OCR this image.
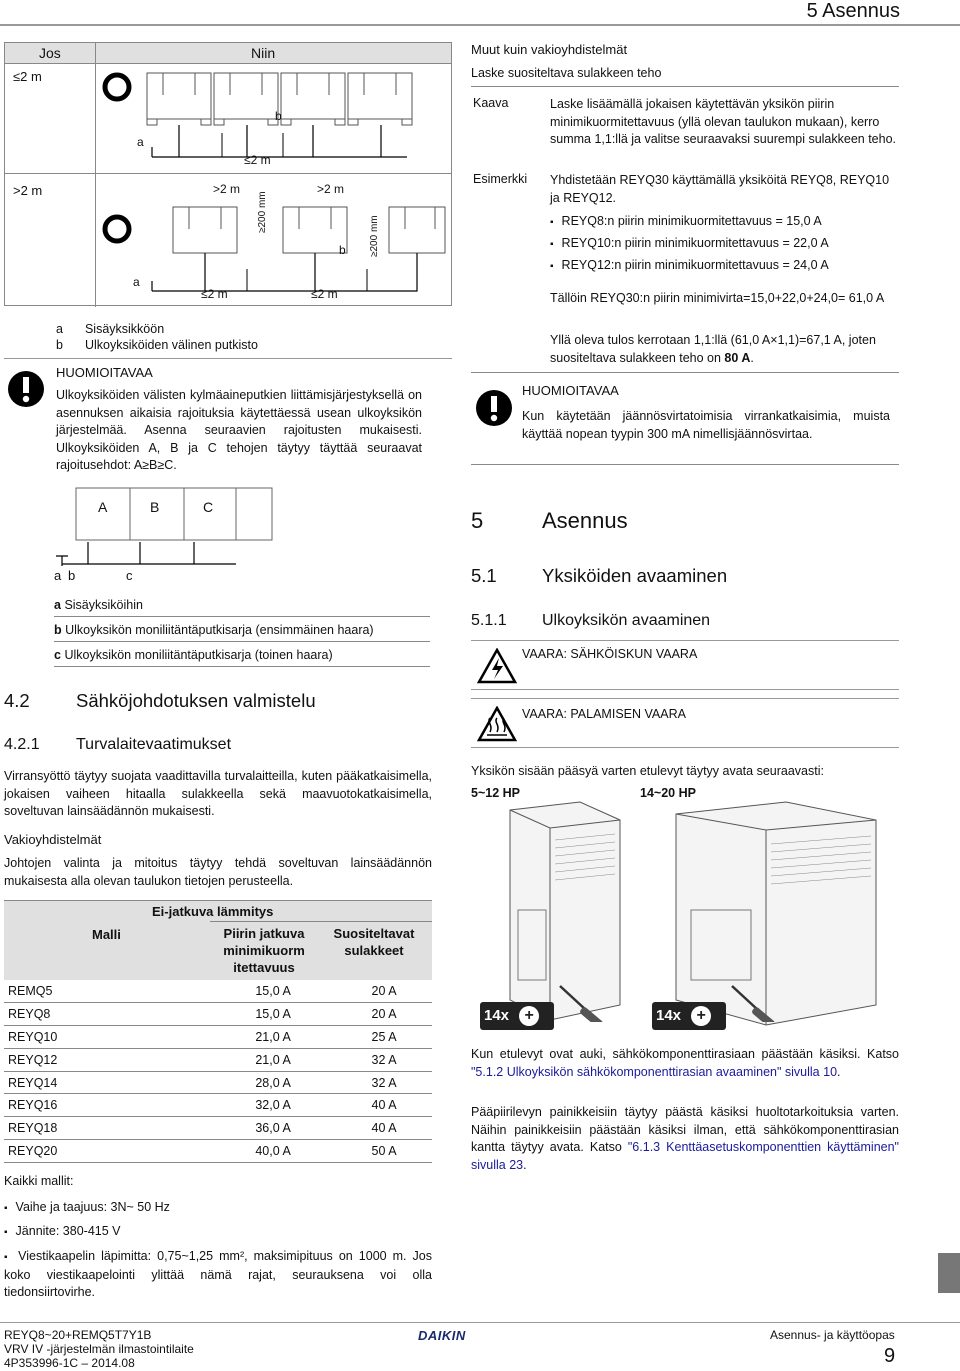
5 Asennus
Jos	Niin
≤2 m
>2 m
a
b
≤2 m
>2 m	>2 m
a
b
≤2 m	≤2 m
≥200 mm
≥200 mm
a Sisäyksikköön
b Ulkoyksiköiden välinen putkisto
HUOMIOITAVAA
Ulkoyksiköiden välisten kylmäaineputkien liittämisjärjestyksellä on asennuksen aikaisia rajoituksia käytettäessä usean ulkoyksikön järjestelmää. Asenna seuraavien rajoitusten mukaisesti. Ulkoyksiköiden A, B ja C tehojen täytyy täyttää seuraavat rajoitusehdot: A≥B≥C.
A	B	C
a b	c
a Sisäyksiköihin
b Ulkoyksikön moniliitäntäputkisarja (ensimmäinen haara)
c Ulkoyksikön moniliitäntäputkisarja (toinen haara)
4.2	Sähköjohdotuksen valmistelu
4.2.1 Turvalaitevaatimukset
Virransyöttö täytyy suojata vaadittavilla turvalaitteilla, kuten pääkatkaisimella, jokaisen vaiheen hitaalla sulakkeella sekä maavuotokatkaisimella, soveltuvan lainsäädännön mukaisesti.
Vakioyhdistelmät
Johtojen valinta ja mitoitus täytyy tehdä soveltuvan lainsäädännön mukaisesta alla olevan taulukon tietojen perusteella.
Ei-jatkuva lämmitys
Malli	Piirin jatkuva minimikuorm itettavuus
Suositeltavat sulakkeet
REMQ5	15,0 A	20 A
REYQ8	15,0 A	20 A
REYQ10	21,0 A	25 A
REYQ12	21,0 A	32 A
REYQ14	28,0 A	32 A
REYQ16	32,0 A	40 A
REYQ18	36,0 A	40 A
REYQ20	40,0 A	50 A
Kaikki mallit:
▪ Vaihe ja taajuus: 3N~ 50 Hz
▪ Jännite: 380-415 V
▪ Viestikaapelin läpimitta: 0,75~1,25 mm², maksimipituus on 1000 m. Jos koko viestikaapelointi ylittää nämä rajat, seurauksena voi olla tiedonsiirtovirhe.
Muut kuin vakioyhdistelmät
Laske suositeltava sulakkeen teho
Kaava	Laske lisäämällä jokaisen käytettävän yksikön piirin minimikuormitettavuus (yllä olevan taulukon mukaan), kerro summa 1,1:llä ja valitse seuraavaksi suurempi sulakkeen teho.
Esimerkki Yhdistetään REYQ30 käyttämällä yksiköitä REYQ8, REYQ10 ja REYQ12.
▪ REYQ8:n piirin minimikuormitettavuus = 15,0 A
▪ REYQ10:n piirin minimikuormitettavuus = 22,0 A
▪ REYQ12:n piirin minimikuormitettavuus = 24,0 A
Tällöin REYQ30:n piirin minimivirta=15,0+22,0+24,0= 61,0 A
Yllä oleva tulos kerrotaan 1,1:llä (61,0 A×1,1)=67,1 A, joten suositeltava sulakkeen teho on 80 A.
HUOMIOITAVAA
Kun käytetään jäännösvirtatoimisia virrankatkaisimia, muista käyttää nopean tyypin 300 mA nimellisjäännösvirtaa.
5	Asennus
5.1 Yksiköiden avaaminen
5.1.1 Ulkoyksikön avaaminen
VAARA: SÄHKÖISKUN VAARA
VAARA: PALAMISEN VAARA
Yksikön sisään pääsyä varten etulevyt täytyy avata seuraavasti:
5~12 HP	14~20 HP
14x +	14x +
Kun etulevyt ovat auki, sähkökomponenttirasiaan päästään käsiksi. Katso "5.1.2 Ulkoyksikön sähkökomponenttirasian avaaminen" sivulla 10.
Pääpiirilevyn painikkeisiin täytyy päästä käsiksi huoltotarkoituksia varten. Näihin painikkeisiin päästään käsiksi ilman, että sähkökomponenttirasian kantta täytyy avata. Katso "6.1.3 Kenttäasetuskomponenttien käyttäminen" sivulla 23.
REYQ8~20+REMQ5T7Y1B
VRV IV -järjestelmän ilmastointilaite
4P353996-1C – 2014.08
DAIKIN	Asennus- ja käyttöopas
9
